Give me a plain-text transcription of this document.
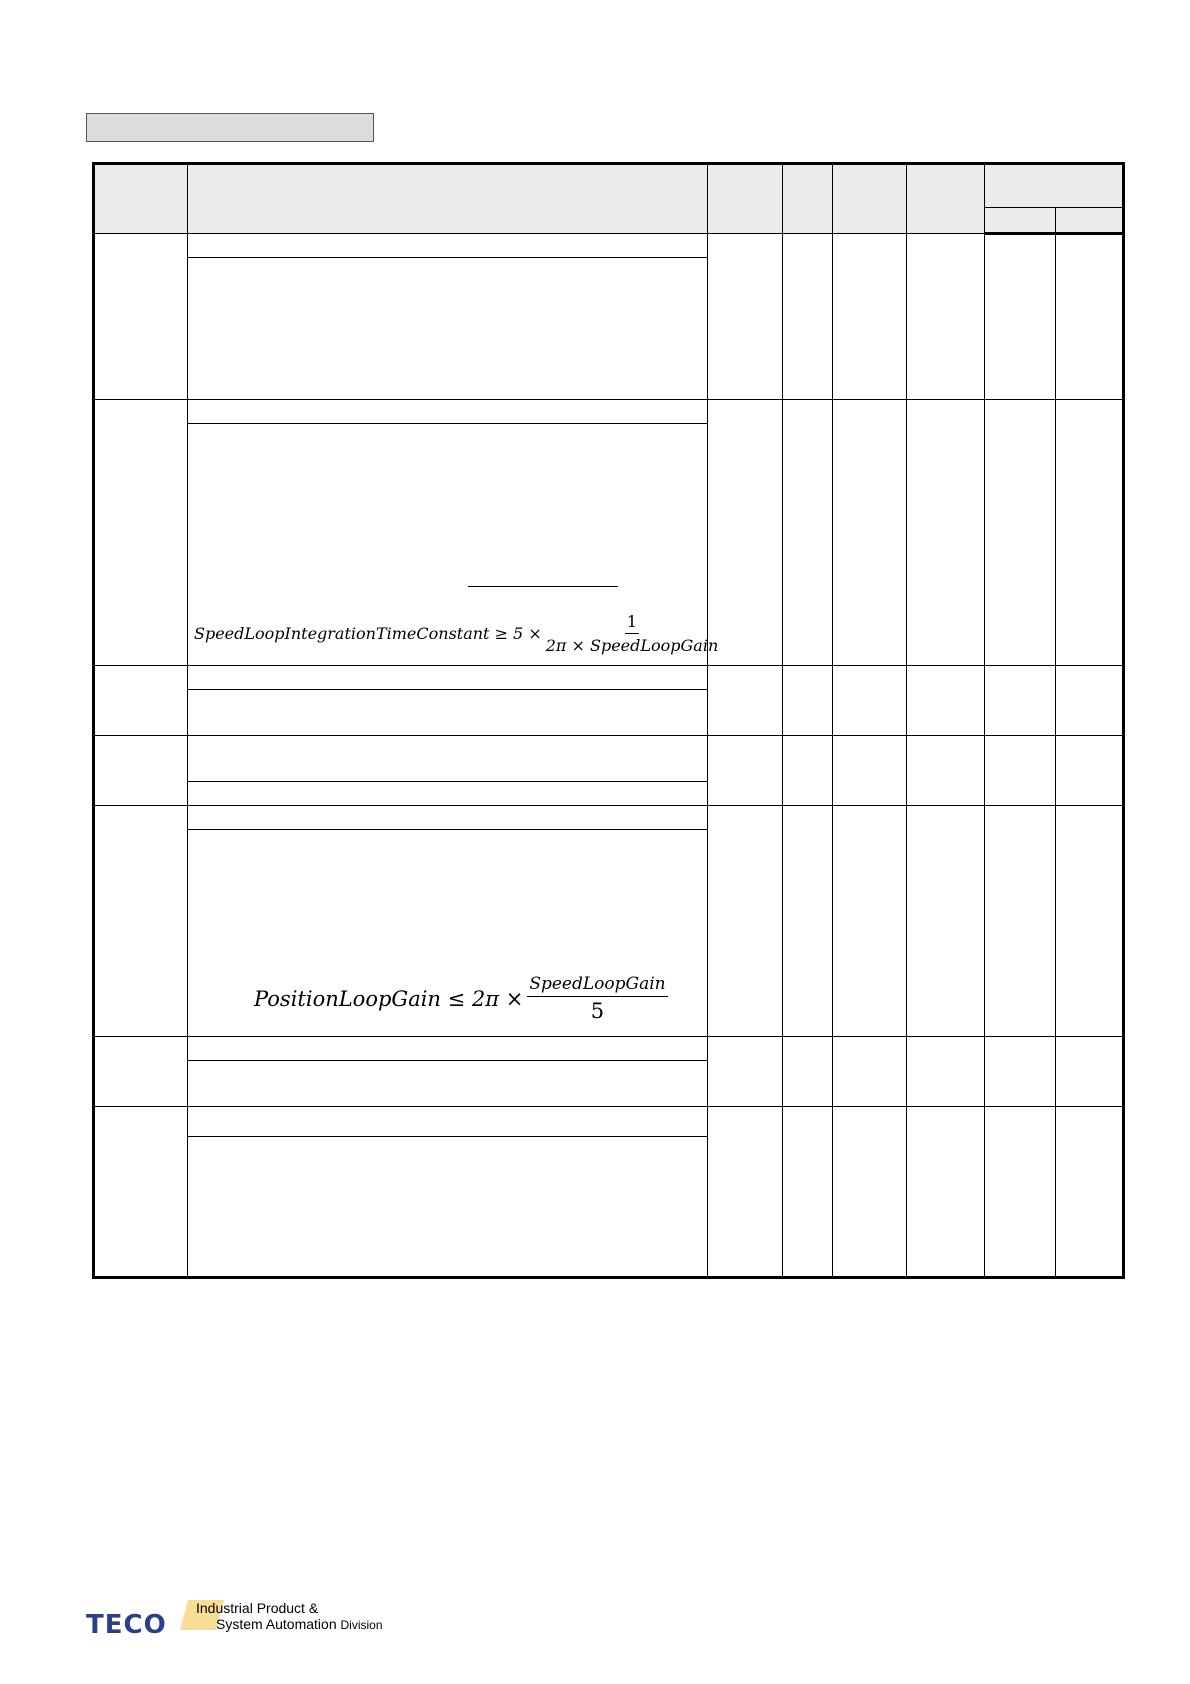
	SpeedLoopIntegrationTimeConstant ≥ $5 \times \frac{1}{\text{2π × SpeedLoopGain}}$

	PositionLoopGain ≤ $2\pi \times \frac{\text{SpeedLoopGain}}{5}$

TECO
Industrial Product &
System Automation Division
